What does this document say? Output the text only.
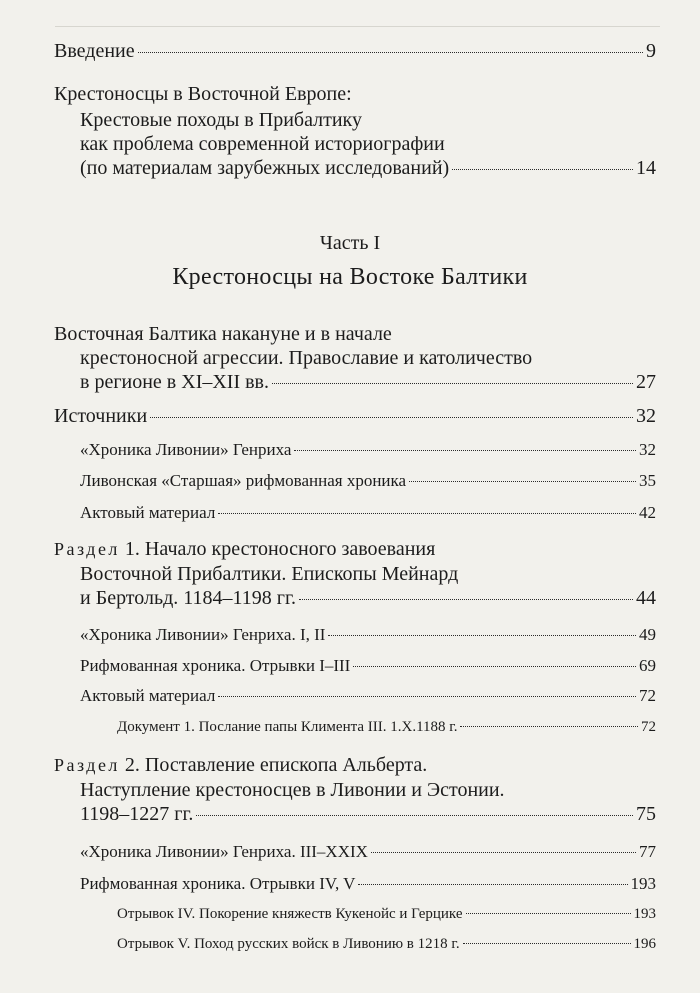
Введение	9
Крестоносцы в Восточной Европе:
Крестовые походы в Прибалтику
как проблема современной историографии
(по материалам зарубежных исследований)	14
Часть I
Крестоносцы на Востоке Балтики
Восточная Балтика накануне и в начале
крестоносной агрессии. Православие и католичество
в регионе в XI–XII вв.	27
Источники	32
«Хроника Ливонии» Генриха	32
Ливонская «Старшая» рифмованная хроника	35
Актовый материал	42
Раздел 1. Начало крестоносного завоевания
Восточной Прибалтики. Епископы Мейнард
и Бертольд. 1184–1198 гг.	44
«Хроника Ливонии» Генриха. I, II	49
Рифмованная хроника. Отрывки I–III	69
Актовый материал	72
Документ 1. Послание папы Климента III. 1.X.1188 г.	72
Раздел 2. Поставление епископа Альберта.
Наступление крестоносцев в Ливонии и Эстонии.
1198–1227 гг.	75
«Хроника Ливонии» Генриха. III–XXIX	77
Рифмованная хроника. Отрывки IV, V	193
Отрывок IV. Покорение княжеств Кукенойс и Герцике	193
Отрывок V. Поход русских войск в Ливонию в 1218 г.	196
